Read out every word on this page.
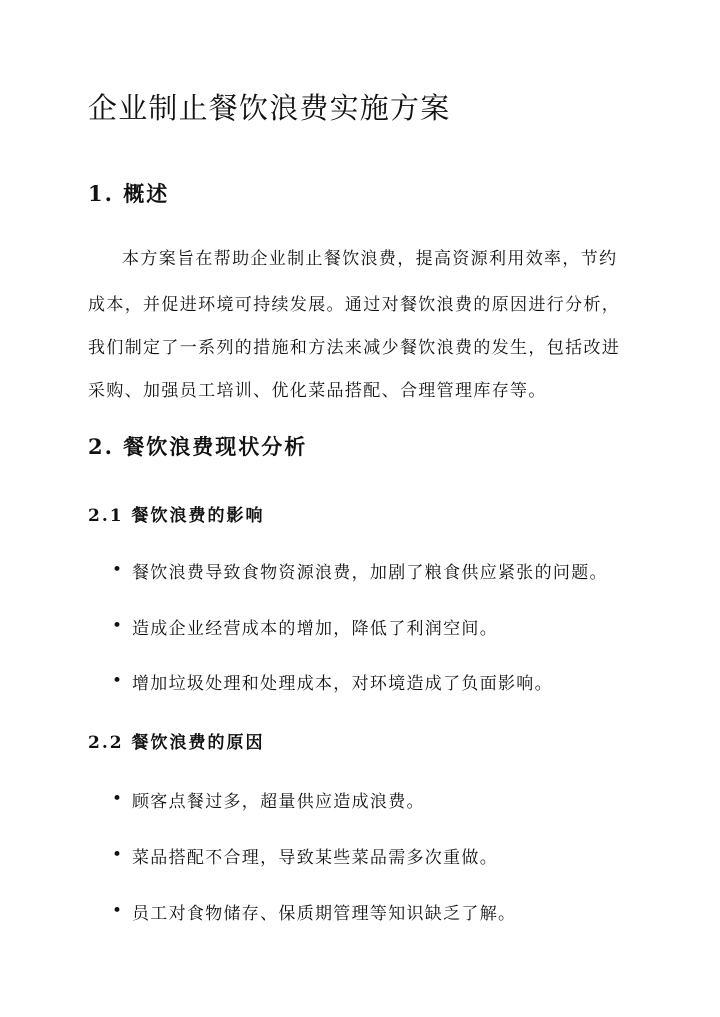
企业制止餐饮浪费实施方案
1. 概述
本方案旨在帮助企业制止餐饮浪费，提高资源利用效率，节约
成本，并促进环境可持续发展。通过对餐饮浪费的原因进行分析，
我们制定了一系列的措施和方法来减少餐饮浪费的发生，包括改进
采购、加强员工培训、优化菜品搭配、合理管理库存等。
2. 餐饮浪费现状分析
2.1 餐饮浪费的影响
• 餐饮浪费导致食物资源浪费，加剧了粮食供应紧张的问题。
• 造成企业经营成本的增加，降低了利润空间。
• 增加垃圾处理和处理成本，对环境造成了负面影响。
2.2 餐饮浪费的原因
• 顾客点餐过多，超量供应造成浪费。
• 菜品搭配不合理，导致某些菜品需多次重做。
• 员工对食物储存、保质期管理等知识缺乏了解。
